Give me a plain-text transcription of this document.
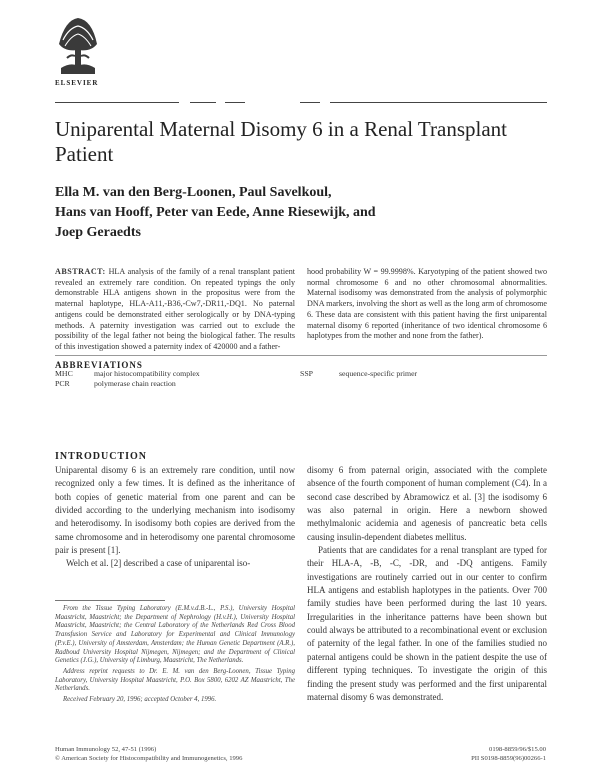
ELSEVIER
Uniparental Maternal Disomy 6 in a Renal Transplant Patient
Ella M. van den Berg-Loonen, Paul Savelkoul,
Hans van Hooff, Peter van Eede, Anne Riesewijk, and
Joep Geraedts
ABSTRACT: HLA analysis of the family of a renal transplant patient revealed an extremely rare condition. On repeated typings the only demonstrable HLA antigens shown in the propositus were from the maternal haplotype, HLA-A11,-B36,-Cw7,-DR11,-DQ1. No paternal antigens could be demonstrated either serologically or by DNA-typing methods. A paternity investigation was carried out to exclude the possibility of the legal father not being the biological father. The results of this investigation showed a paternity index of 420000 and a father-
hood probability W = 99.9998%. Karyotyping of the patient showed two normal chromosome 6 and no other chromosomal abnormalities. Maternal isodisomy was demonstrated from the analysis of polymorphic DNA markers, involving the short as well as the long arm of chromosome 6. These data are consistent with this patient having the first uniparental maternal disomy 6 reported (inheritance of two identical chromosome 6 haplotypes from the mother and none from the father).
ABBREVIATIONS
MHC	major histocompatibility complex
PCR	polymerase chain reaction
SSP	sequence-specific primer
INTRODUCTION

Uniparental disomy 6 is an extremely rare condition, until now recognized only a few times. It is defined as the inheritance of both copies of genetic material from one parent and can be divided according to the underlying mechanism into isodisomy and heterodisomy. In isodisomy both copies are derived from the same chromosome and in heterodisomy one parental chromosome pair is present [1].

Welch et al. [2] described a case of uniparental iso-

disomy 6 from paternal origin, associated with the complete absence of the fourth component of human complement (C4). In a second case described by Abramowicz et al. [3] the isodisomy 6 was also paternal in origin. Here a newborn showed methylmalonic acidemia and agenesis of pancreatic beta cells causing insulin-dependent diabetes mellitus.

Patients that are candidates for a renal transplant are typed for their HLA-A, -B, -C, -DR, and -DQ antigens. Family investigations are routinely carried out in our center to confirm HLA antigens and establish haplotypes in the patients. Over 700 family studies have been performed during the last 10 years. Irregularities in the inheritance patterns have been shown but could always be attributed to a recombinational event or exclusion of paternity of the legal father. In one of the families studied no paternal antigens could be shown in the patient despite the use of different typing techniques. To investigate the origin of this finding the present study was performed and the first uniparental maternal disomy 6 was demonstrated.

From the Tissue Typing Laboratory (E.M.v.d.B.-L., P.S.), University Hospital Maastricht, Maastricht; the Department of Nephrology (H.v.H.), University Hospital Maastricht, Maastricht; the Central Laboratory of the Netherlands Red Cross Blood Transfusion Service and Laboratory for Experimental and Clinical Immunology (P.v.E.), University of Amsterdam, Amsterdam; the Human Genetic Department (A.R.), Radboud University Hospital Nijmegen, Nijmegen; and the Department of Clinical Genetics (J.G.), University of Limburg, Maastricht, The Netherlands.

Address reprint requests to Dr. E. M. van den Berg-Loonen, Tissue Typing Laboratory, University Hospital Maastricht, P.O. Box 5800, 6202 AZ Maastricht, The Netherlands.

Received February 20, 1996; accepted October 4, 1996.

Human Immunology 52, 47-51 (1996)
© American Society for Histocompatibility and Immunogenetics, 1996
0198-8859/96/$15.00
PII S0198-8859(96)00266-1
